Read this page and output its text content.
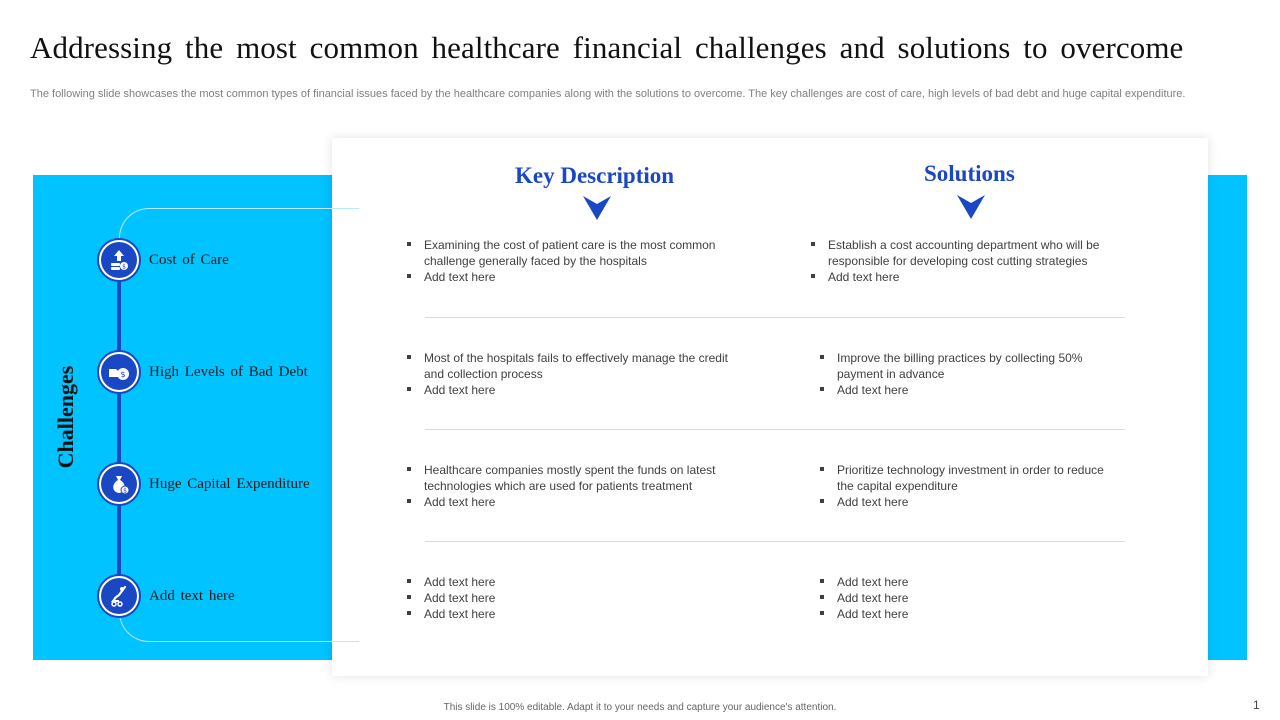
Addressing the most common healthcare financial challenges and solutions to overcome
The following slide showcases the most common types of financial issues faced by the healthcare companies along with the solutions to overcome. The key challenges are cost of care, high levels of bad debt and huge capital expenditure.
Challenges
$ Cost of Care
$ High Levels of Bad Debt
$ Huge Capital Expenditure
Add text here
Key Description	Solutions
Examining the cost of patient care is the most common challenge generally faced by the hospitals
Add text here
Establish a cost accounting department who will be responsible for developing cost cutting strategies
Add text here
Most of the hospitals fails to effectively manage the credit and collection process
Add text here
Improve the billing practices by collecting 50% payment in advance
Add text here
Healthcare companies mostly spent the funds on latest technologies which are used for patients treatment
Add text here
Prioritize technology investment in order to reduce the capital expenditure
Add text here
Add text here
Add text here
Add text here
Add text here
Add text here
Add text here
This slide is 100% editable. Adapt it to your needs and capture your audience's attention.	1
